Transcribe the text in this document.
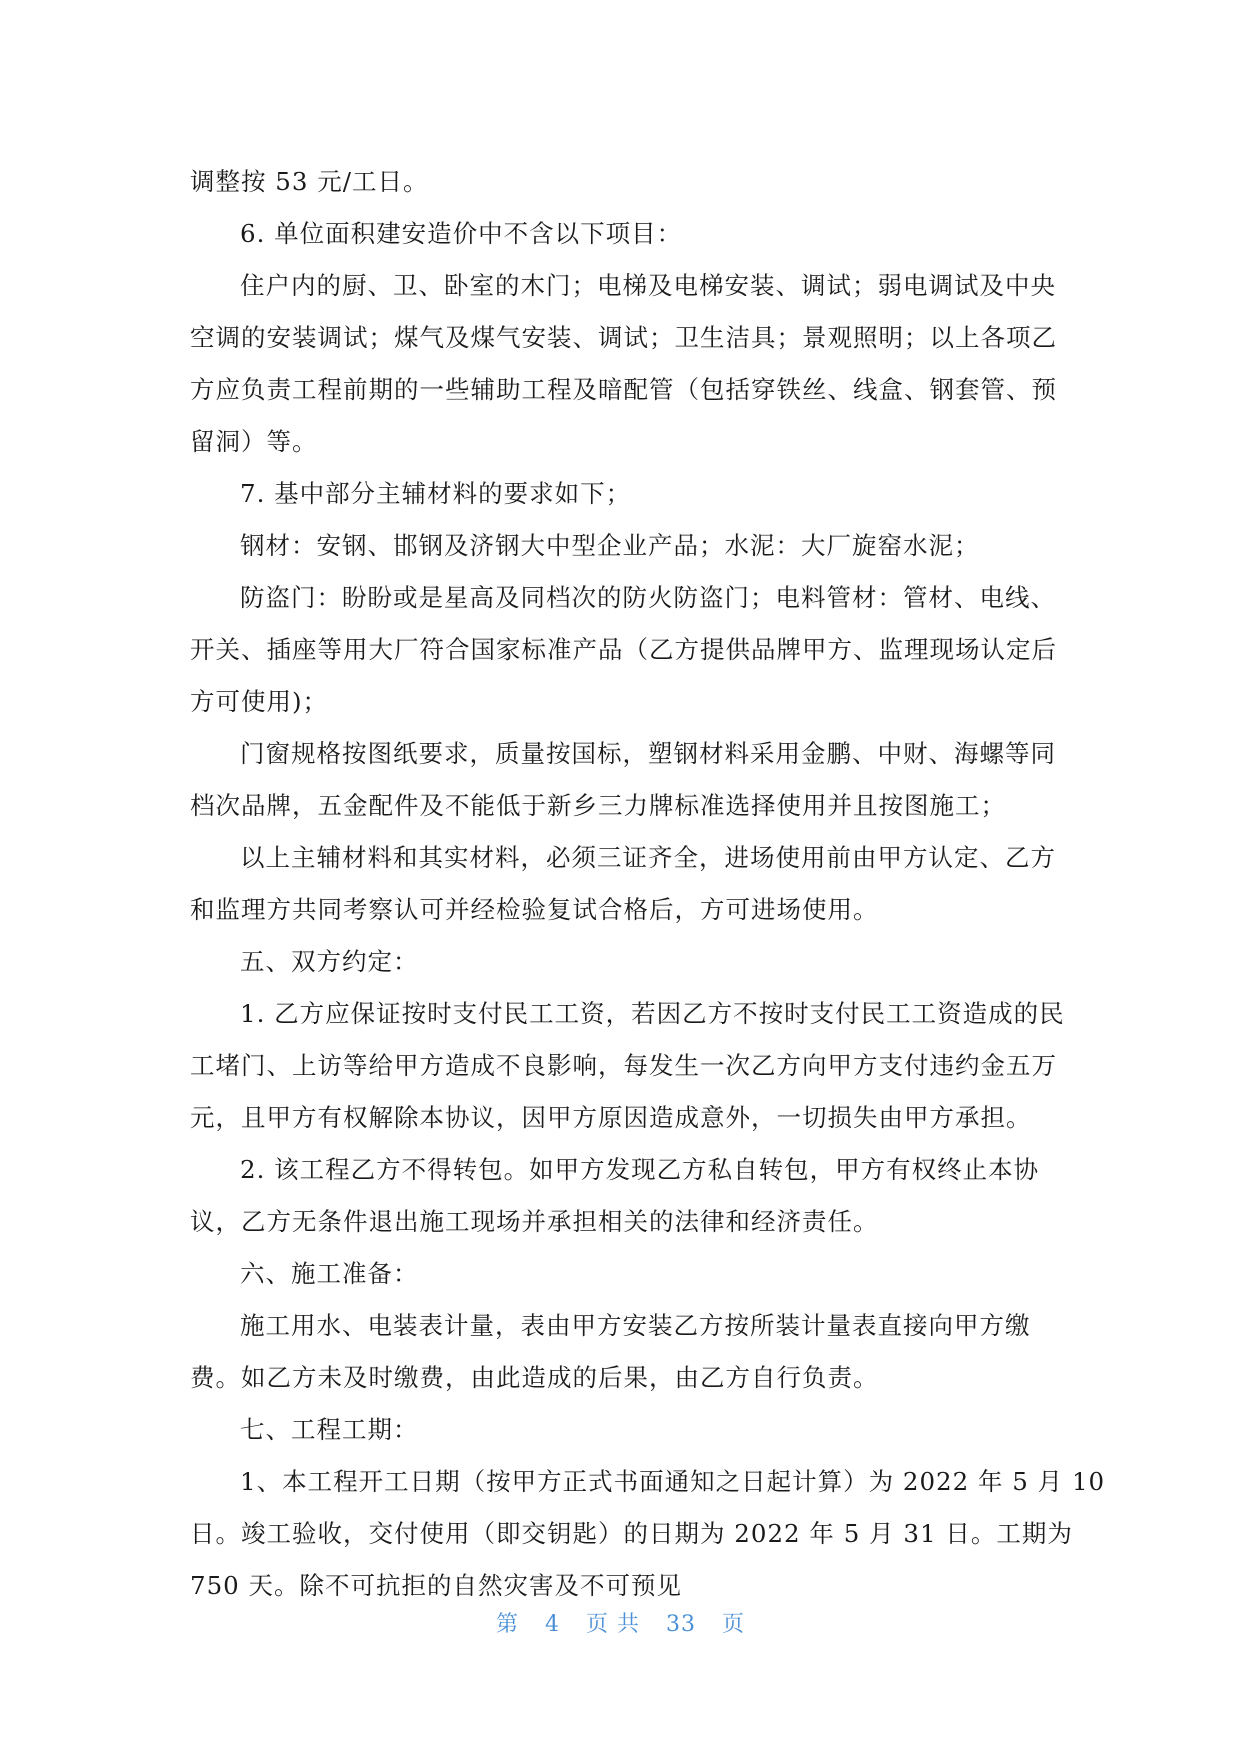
调整按 53 元/工日。
6. 单位面积建安造价中不含以下项目：
住户内的厨、卫、卧室的木门；电梯及电梯安装、调试；弱电调试及中央
空调的安装调试；煤气及煤气安装、调试；卫生洁具；景观照明；以上各项乙
方应负责工程前期的一些辅助工程及暗配管（包括穿铁丝、线盒、钢套管、预
留洞）等。
7. 基中部分主辅材料的要求如下；
钢材：安钢、邯钢及济钢大中型企业产品；水泥：大厂旋窑水泥；
防盗门：盼盼或是星高及同档次的防火防盗门；电料管材：管材、电线、
开关、插座等用大厂符合国家标准产品（乙方提供品牌甲方、监理现场认定后
方可使用)；
门窗规格按图纸要求，质量按国标，塑钢材料采用金鹏、中财、海螺等同
档次品牌，五金配件及不能低于新乡三力牌标准选择使用并且按图施工；
以上主辅材料和其实材料，必须三证齐全，进场使用前由甲方认定、乙方
和监理方共同考察认可并经检验复试合格后，方可进场使用。
五、双方约定：
1. 乙方应保证按时支付民工工资，若因乙方不按时支付民工工资造成的民
工堵门、上访等给甲方造成不良影响，每发生一次乙方向甲方支付违约金五万
元，且甲方有权解除本协议，因甲方原因造成意外，一切损失由甲方承担。
2. 该工程乙方不得转包。如甲方发现乙方私自转包，甲方有权终止本协
议，乙方无条件退出施工现场并承担相关的法律和经济责任。
六、施工准备：
施工用水、电装表计量，表由甲方安装乙方按所装计量表直接向甲方缴
费。如乙方未及时缴费，由此造成的后果，由乙方自行负责。
七、工程工期：
1、本工程开工日期（按甲方正式书面通知之日起计算）为 2022 年 5 月 10
日。竣工验收，交付使用（即交钥匙）的日期为 2022 年 5 月 31 日。工期为
750 天。除不可抗拒的自然灾害及不可预见
第 4 页 共 33 页
